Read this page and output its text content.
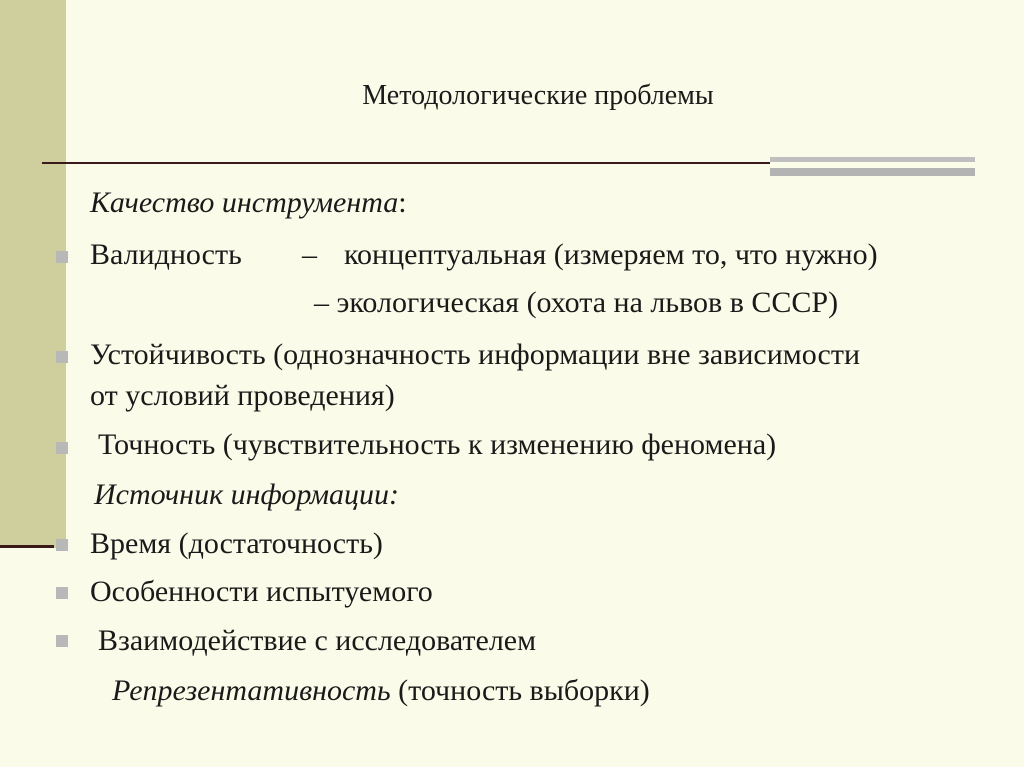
Методологические проблемы
Качество инструмента:
Валидность – концептуальная (измеряем то, что нужно)
– экологическая (охота на львов в СССР)
Устойчивость (однозначность информации вне зависимости
от условий проведения)
Точность (чувствительность к изменению феномена)
Источник информации:
Время (достаточность)
Особенности испытуемого
Взаимодействие с исследователем
Репрезентативность (точность выборки)
